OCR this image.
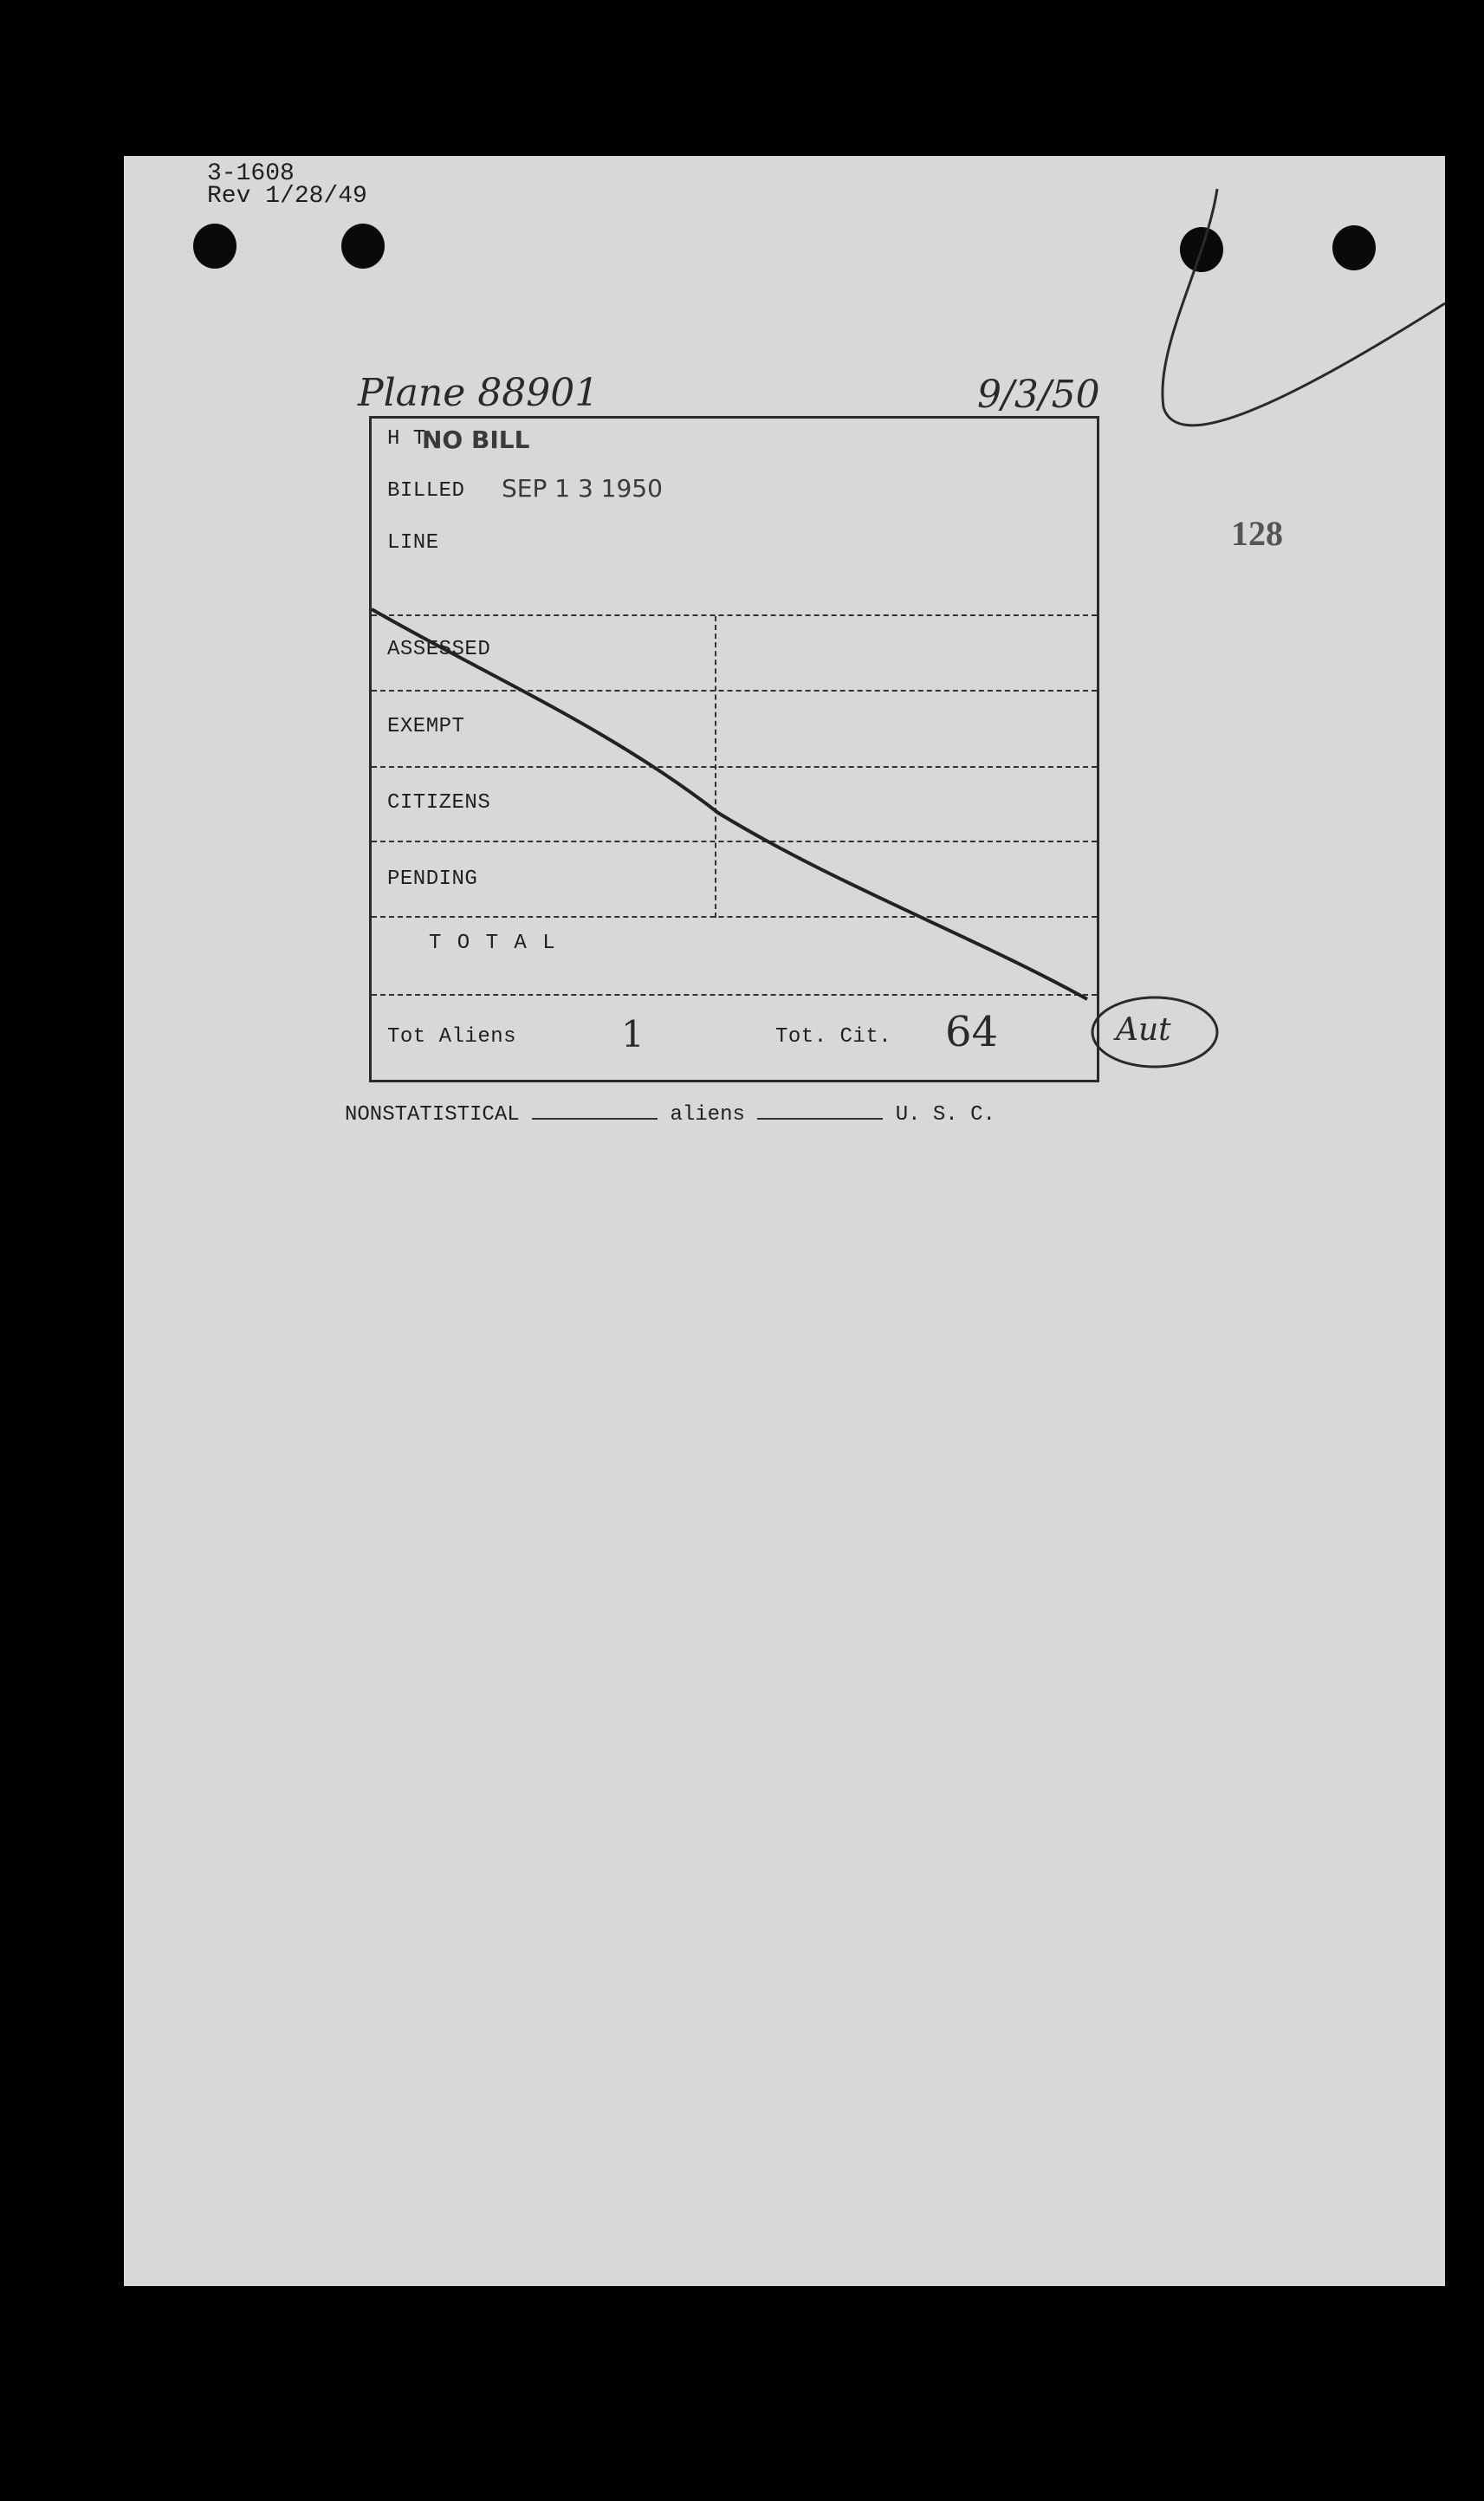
3-1608
Rev 1/28/49
Plane 88901	9/3/50
128
H T
NO BILL
BILLED SEP 1 3 1950
LINE
ASSESSED
EXEMPT
CITIZENS
PENDING
T O T A L
Tot Aliens	1	Tot. Cit. 64
NONSTATISTICAL	aliens	U. S. C.
Aut
